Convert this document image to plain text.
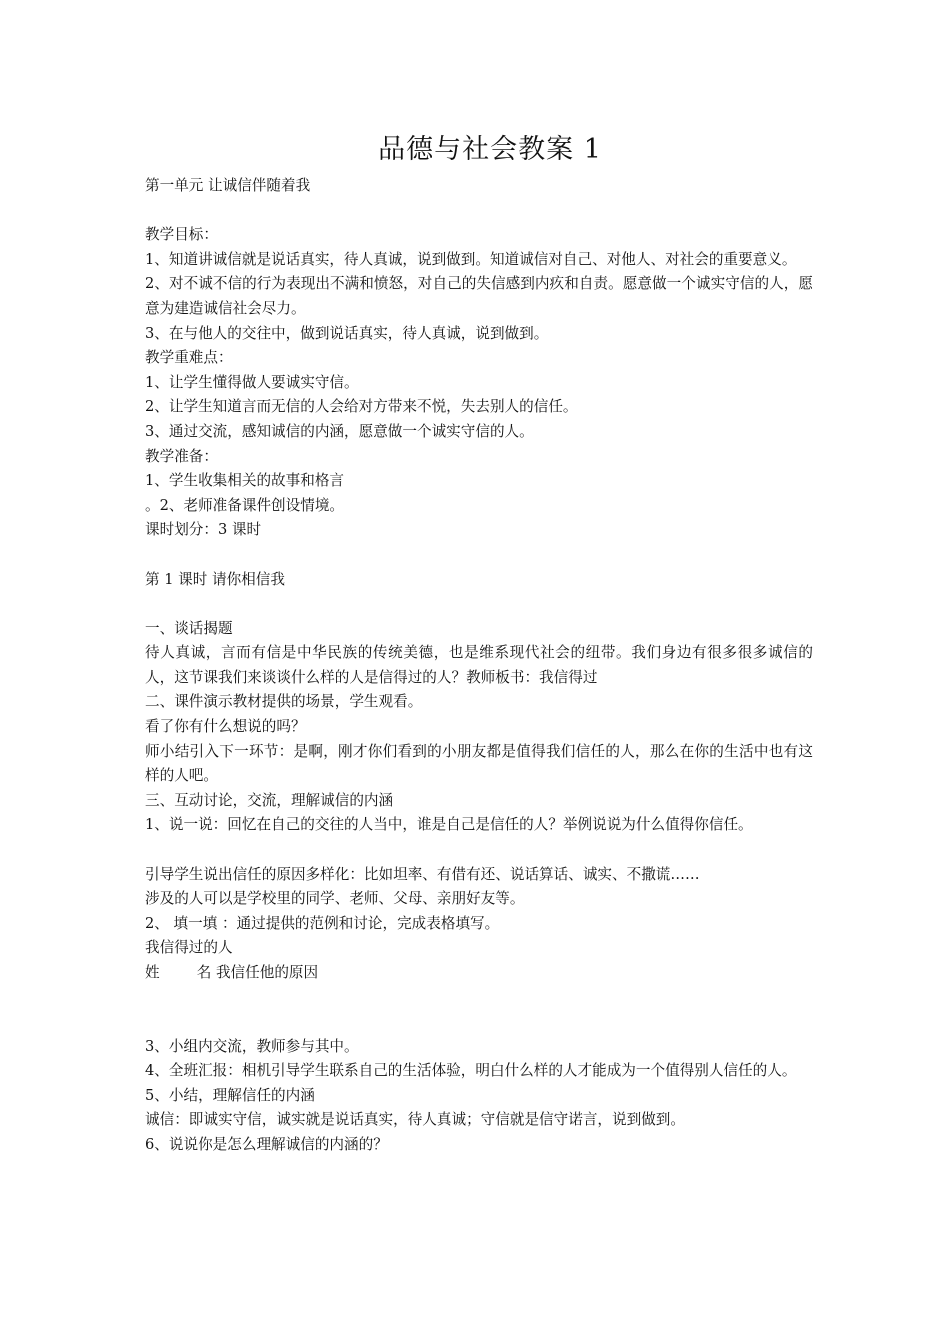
品德与社会教案 1
第一单元 让诚信伴随着我
教学目标：
1、知道讲诚信就是说话真实，待人真诚，说到做到。知道诚信对自己、对他人、对社会的重要意义。
2、对不诚不信的行为表现出不满和愤怒，对自己的失信感到内疚和自责。愿意做一个诚实守信的人，愿意为建造诚信社会尽力。
3、在与他人的交往中，做到说话真实，待人真诚，说到做到。
教学重难点：
1、让学生懂得做人要诚实守信。
2、让学生知道言而无信的人会给对方带来不悦，失去别人的信任。
3、通过交流，感知诚信的内涵，愿意做一个诚实守信的人。
教学准备：
1、学生收集相关的故事和格言
。2、老师准备课件创设情境。
课时划分：3 课时
第 1 课时 请你相信我
一、谈话揭题
待人真诚，言而有信是中华民族的传统美德，也是维系现代社会的纽带。我们身边有很多很多诚信的人，这节课我们来谈谈什么样的人是信得过的人？教师板书：我信得过
二、课件演示教材提供的场景，学生观看。
看了你有什么想说的吗？
师小结引入下一环节：是啊，刚才你们看到的小朋友都是值得我们信任的人，那么在你的生活中也有这样的人吧。
三、互动讨论，交流，理解诚信的内涵
1、说一说：回忆在自己的交往的人当中，谁是自己是信任的人？举例说说为什么值得你信任。
引导学生说出信任的原因多样化：比如坦率、有借有还、说话算话、诚实、不撒谎……
涉及的人可以是学校里的同学、老师、父母、亲朋好友等。
2、 填一填 ：通过提供的范例和讨论，完成表格填写。
我信得过的人
姓        名 我信任他的原因
3、小组内交流，教师参与其中。
4、全班汇报：相机引导学生联系自己的生活体验，明白什么样的人才能成为一个值得别人信任的人。
5、小结，理解信任的内涵
诚信：即诚实守信，诚实就是说话真实，待人真诚；守信就是信守诺言，说到做到。
6、说说你是怎么理解诚信的内涵的？
